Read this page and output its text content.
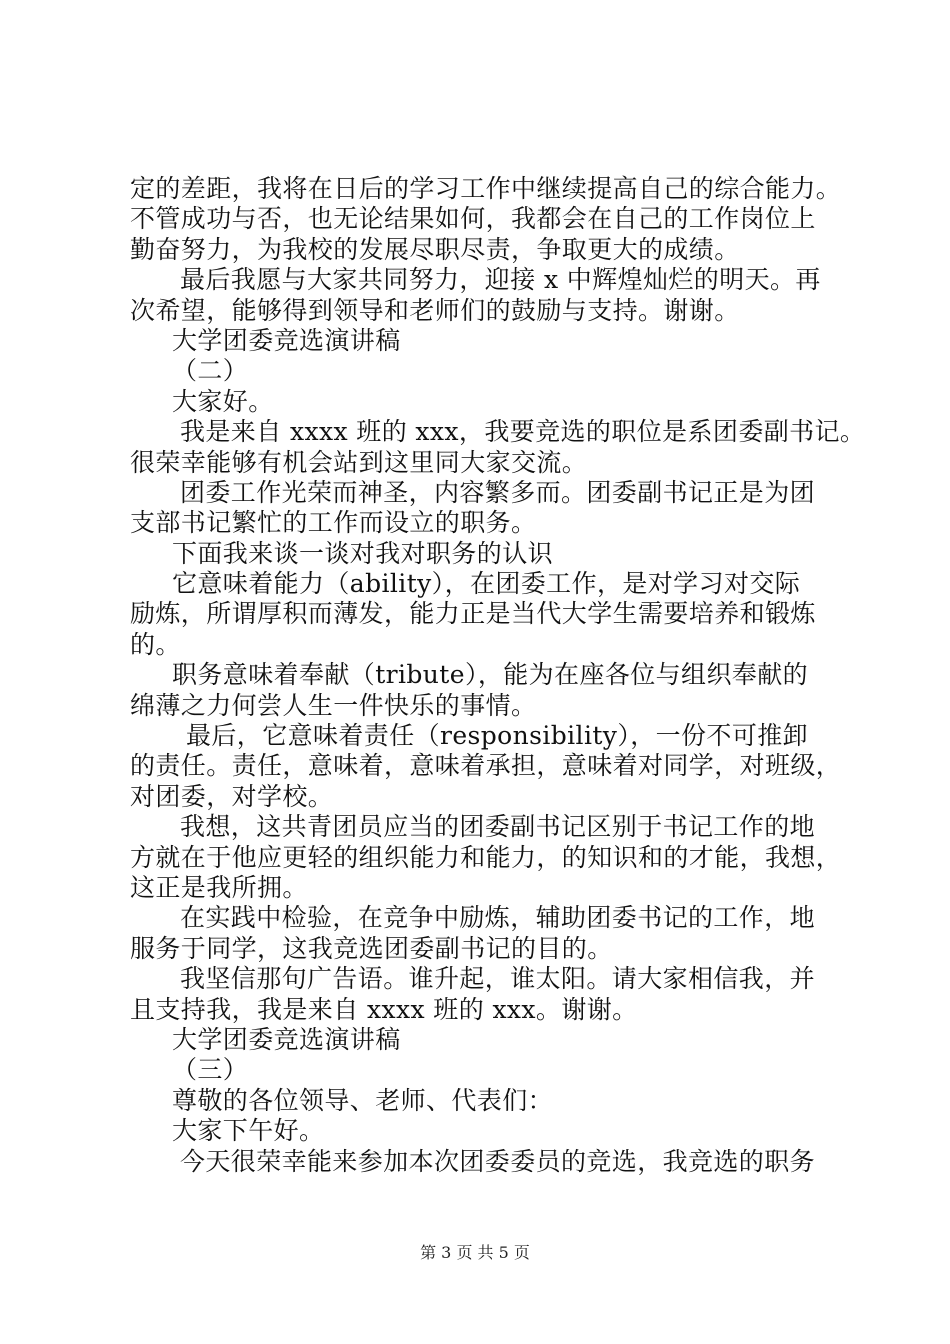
定的差距，我将在日后的学习工作中继续提高自己的综合能力。
不管成功与否，也无论结果如何，我都会在自己的工作岗位上
勤奋努力，为我校的发展尽职尽责，争取更大的成绩。
最后我愿与大家共同努力，迎接 x 中辉煌灿烂的明天。再
次希望，能够得到领导和老师们的鼓励与支持。谢谢。
大学团委竞选演讲稿
（二）
大家好。
我是来自 xxxx 班的 xxx，我要竞选的职位是系团委副书记。
很荣幸能够有机会站到这里同大家交流。
团委工作光荣而神圣，内容繁多而。团委副书记正是为团
支部书记繁忙的工作而设立的职务。
下面我来谈一谈对我对职务的认识
它意味着能力（ability），在团委工作，是对学习对交际
励炼，所谓厚积而薄发，能力正是当代大学生需要培养和锻炼
的。
职务意味着奉献（tribute），能为在座各位与组织奉献的
绵薄之力何尝人生一件快乐的事情。
最后，它意味着责任（responsibility），一份不可推卸
的责任。责任，意味着，意味着承担，意味着对同学，对班级，
对团委，对学校。
我想，这共青团员应当的团委副书记区别于书记工作的地
方就在于他应更轻的组织能力和能力，的知识和的才能，我想，
这正是我所拥。
在实践中检验，在竞争中励炼，辅助团委书记的工作，地
服务于同学，这我竞选团委副书记的目的。
我坚信那句广告语。谁升起，谁太阳。请大家相信我，并
且支持我，我是来自 xxxx 班的 xxx。谢谢。
大学团委竞选演讲稿
（三）
尊敬的各位领导、老师、代表们：
大家下午好。
今天很荣幸能来参加本次团委委员的竞选，我竞选的职务
第 3 页 共 5 页
